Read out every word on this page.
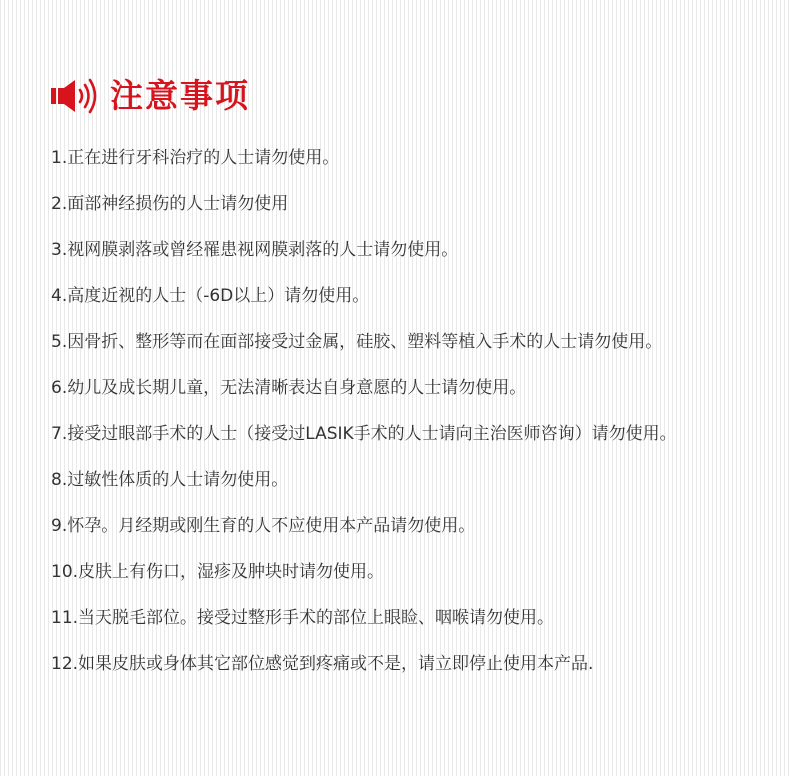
注意事项
1.正在进行牙科治疗的人士请勿使用。
2.面部神经损伤的人士请勿使用
3.视网膜剥落或曾经罹患视网膜剥落的人士请勿使用。
4.高度近视的人士（-6D以上）请勿使用。
5.因骨折、整形等而在面部接受过金属，硅胶、塑料等植入手术的人士请勿使用。
6.幼儿及成长期儿童，无法清晰表达自身意愿的人士请勿使用。
7.接受过眼部手术的人士（接受过LASIK手术的人士请向主治医师咨询）请勿使用。
8.过敏性体质的人士请勿使用。
9.怀孕。月经期或刚生育的人不应使用本产品请勿使用。
10.皮肤上有伤口，湿疹及肿块时请勿使用。
11.当天脱毛部位。接受过整形手术的部位上眼睑、咽喉请勿使用。
12.如果皮肤或身体其它部位感觉到疼痛或不是，请立即停止使用本产品.
